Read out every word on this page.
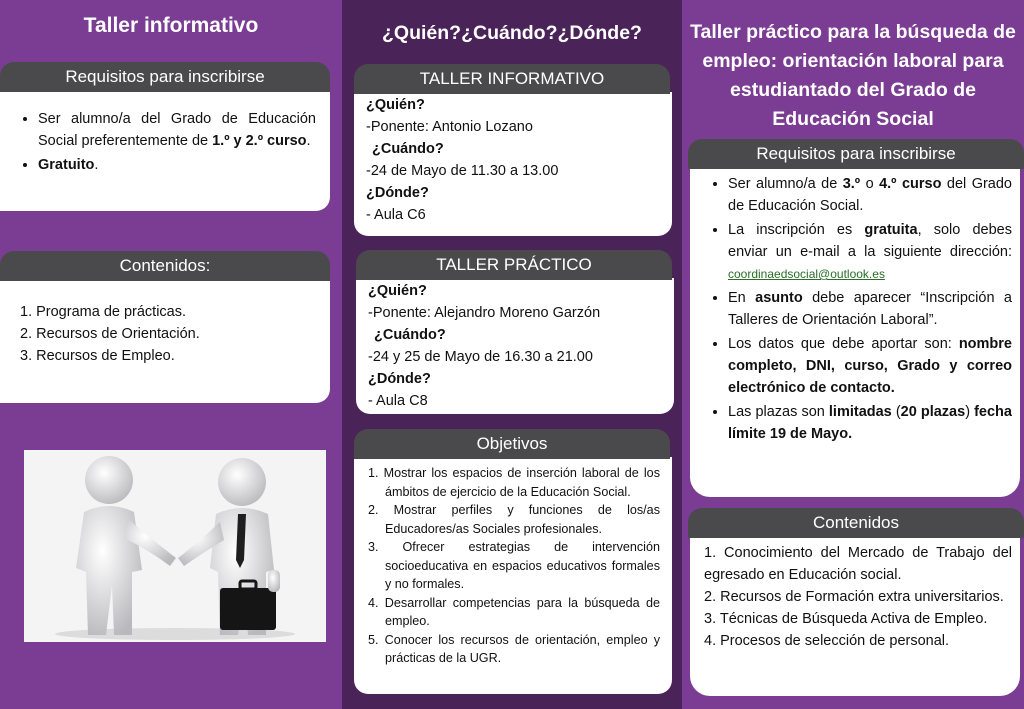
Taller informativo
Requisitos para inscribirse
• Ser alumno/a del Grado de Educación Social preferentemente de 1.º y 2.º curso.
• Gratuito.
Contenidos:
1. Programa de prácticas.
2. Recursos de Orientación.
3. Recursos de Empleo.
¿Quién?¿Cuándo?¿Dónde?
TALLER INFORMATIVO
¿Quién?
-Ponente: Antonio Lozano
¿Cuándo?
-24 de Mayo de 11.30 a 13.00
¿Dónde?
- Aula C6
TALLER PRÁCTICO
¿Quién?
-Ponente: Alejandro Moreno Garzón
¿Cuándo?
-24 y 25 de Mayo de 16.30 a 21.00
¿Dónde?
- Aula C8
Objetivos
1. Mostrar los espacios de inserción laboral de los ámbitos de ejercicio de la Educación Social.
2. Mostrar perfiles y funciones de los/as Educadores/as Sociales profesionales.
3. Ofrecer estrategias de intervención socioeducativa en espacios educativos formales y no formales.
4. Desarrollar competencias para la búsqueda de empleo.
5. Conocer los recursos de orientación, empleo y prácticas de la UGR.
Taller práctico para la búsqueda de empleo: orientación laboral para estudiantado del Grado de Educación Social
Requisitos para inscribirse
• Ser alumno/a de 3.º o 4.º curso del Grado de Educación Social.
• La inscripción es gratuita, solo debes enviar un e-mail a la siguiente dirección: coordinaedsocial@outlook.es
• En asunto debe aparecer “Inscripción a Talleres de Orientación Laboral”.
• Los datos que debe aportar son: nombre completo, DNI, curso, Grado y correo electrónico de contacto.
• Las plazas son limitadas (20 plazas) fecha límite 19 de Mayo.
Contenidos
1. Conocimiento del Mercado de Trabajo del egresado en Educación social.
2. Recursos de Formación extra universitarios.
3. Técnicas de Búsqueda Activa de Empleo.
4. Procesos de selección de personal.
